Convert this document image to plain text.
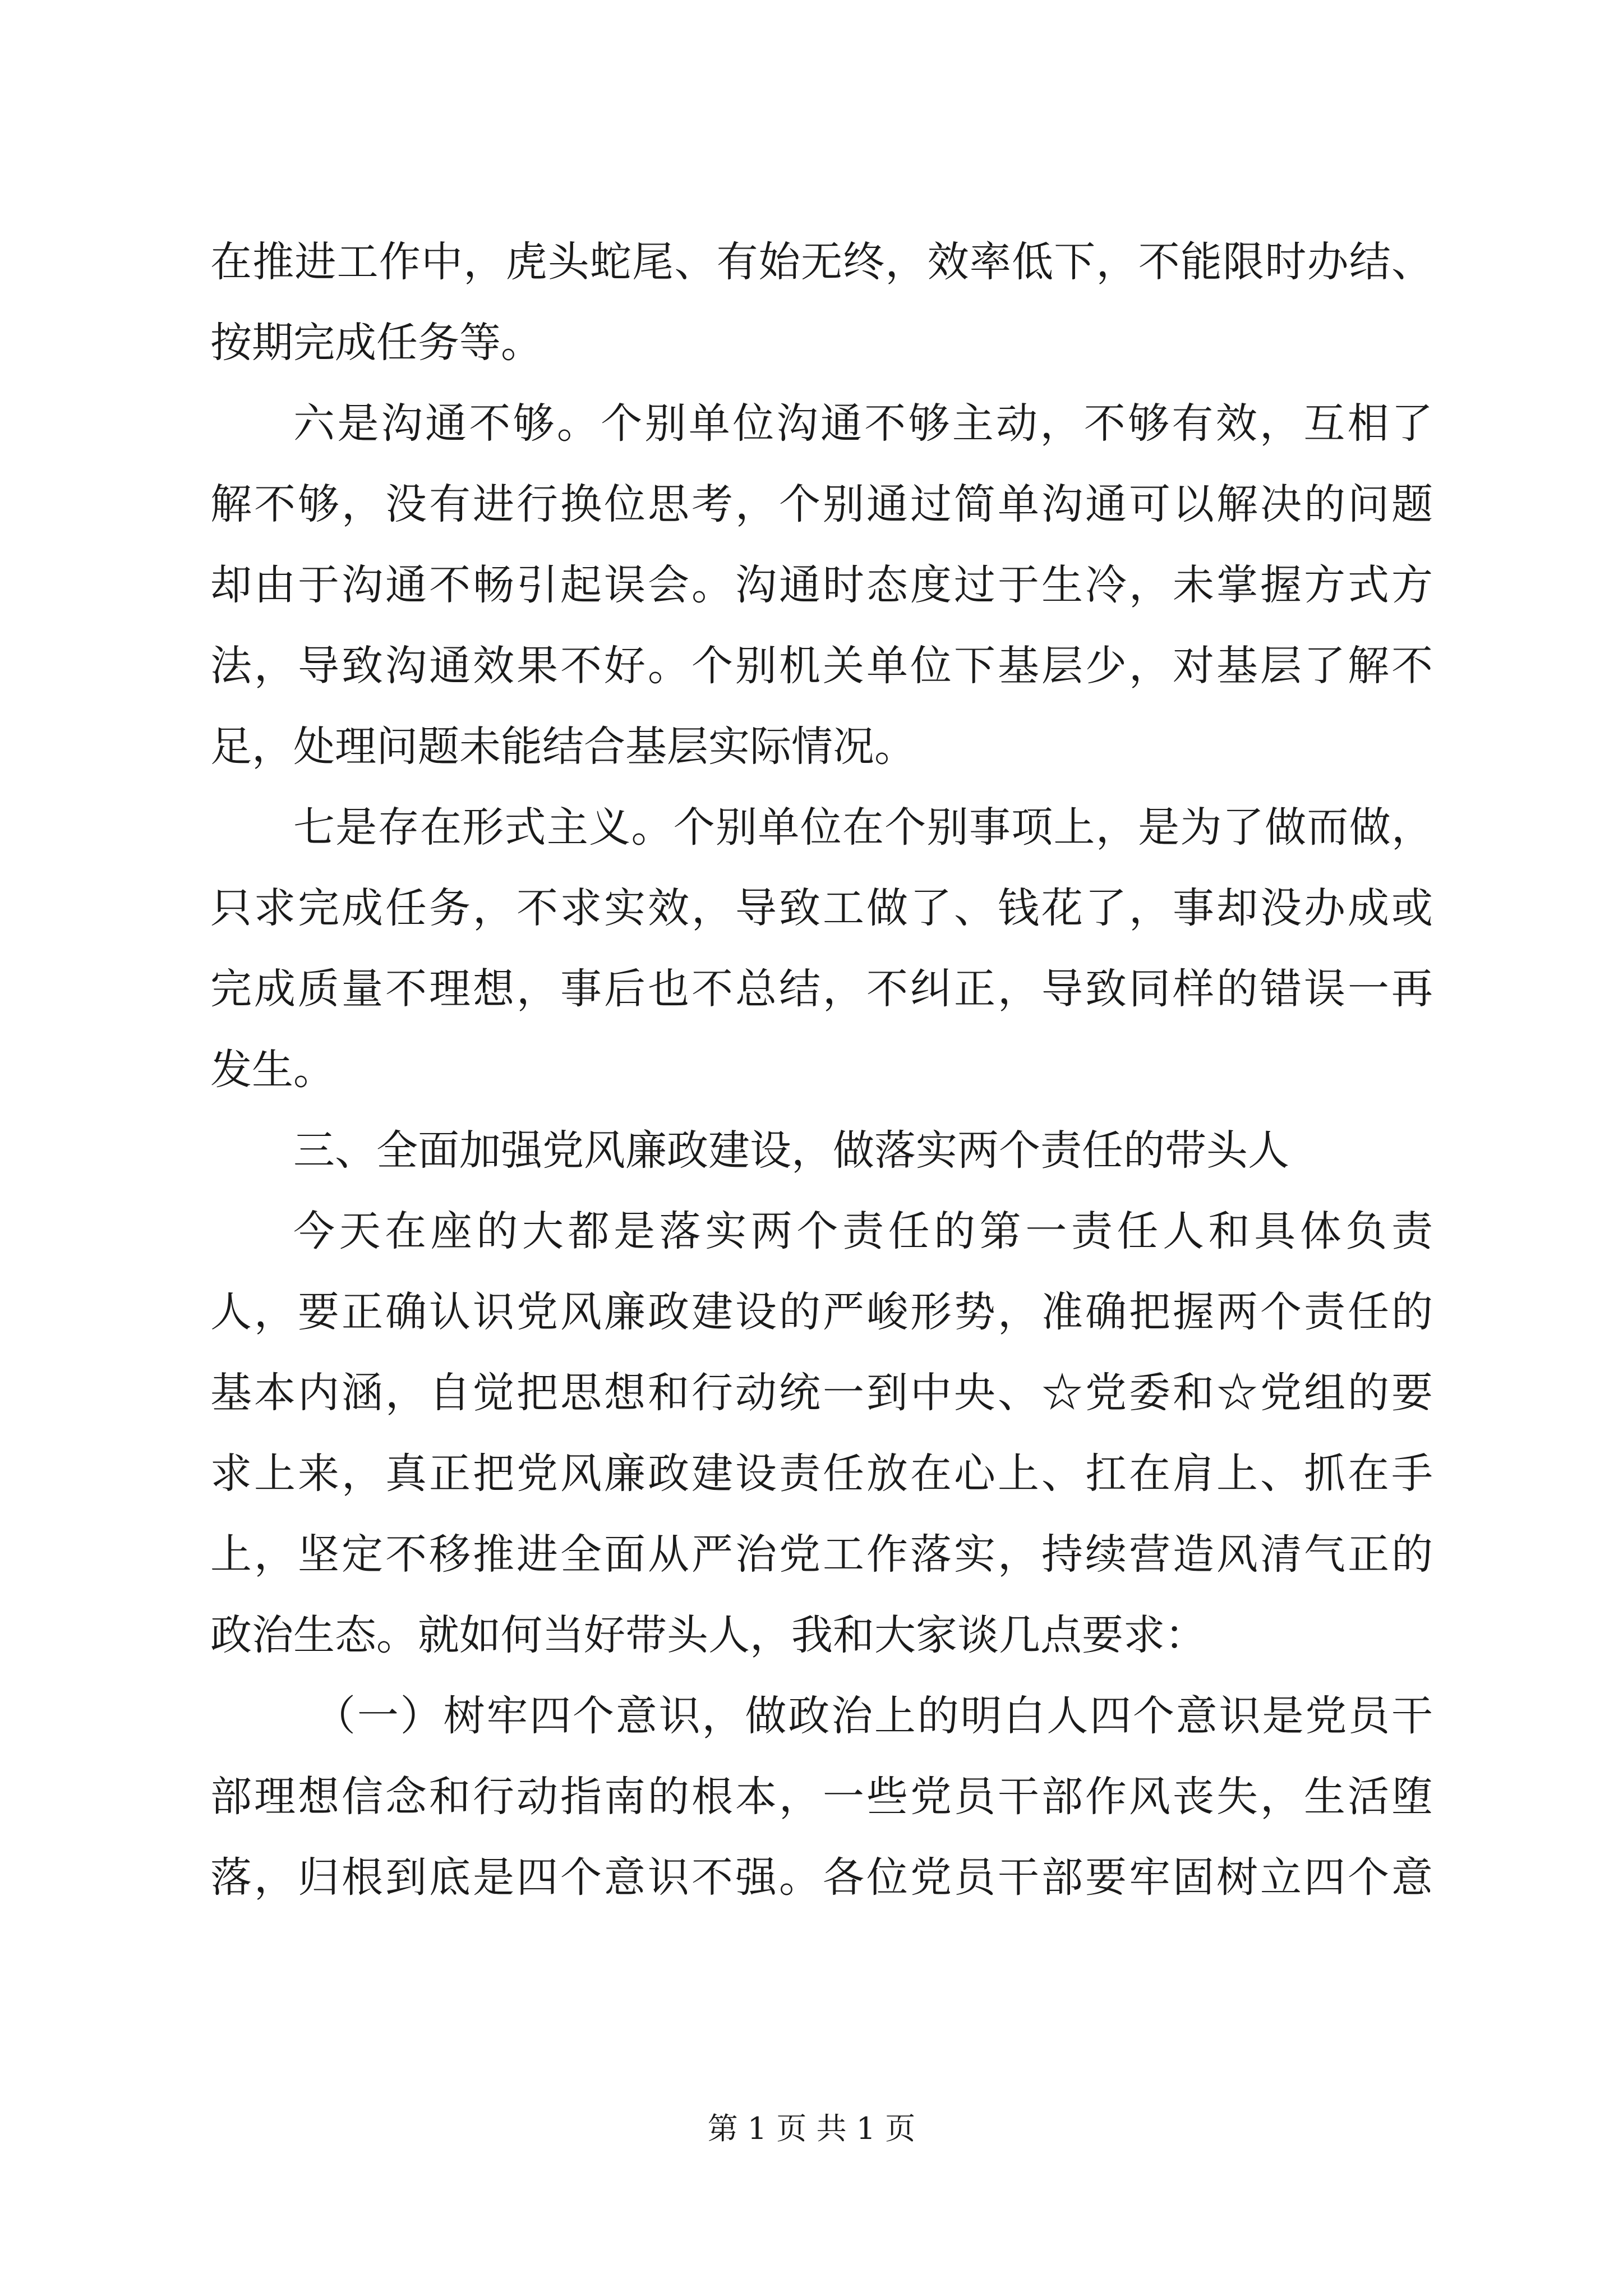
在推进工作中，虎头蛇尾、有始无终，效率低下，不能限时办结、
按期完成任务等。
六是沟通不够。个别单位沟通不够主动，不够有效，互相了
解不够，没有进行换位思考，个别通过简单沟通可以解决的问题
却由于沟通不畅引起误会。沟通时态度过于生冷，未掌握方式方
法，导致沟通效果不好。个别机关单位下基层少，对基层了解不
足，处理问题未能结合基层实际情况。
七是存在形式主义。个别单位在个别事项上，是为了做而做，
只求完成任务，不求实效，导致工做了、钱花了，事却没办成或
完成质量不理想，事后也不总结，不纠正，导致同样的错误一再
发生。
三、全面加强党风廉政建设，做落实两个责任的带头人
今天在座的大都是落实两个责任的第一责任人和具体负责
人，要正确认识党风廉政建设的严峻形势，准确把握两个责任的
基本内涵，自觉把思想和行动统一到中央、☆党委和☆党组的要
求上来，真正把党风廉政建设责任放在心上、扛在肩上、抓在手
上，坚定不移推进全面从严治党工作落实，持续营造风清气正的
政治生态。就如何当好带头人，我和大家谈几点要求：
（一）树牢四个意识，做政治上的明白人四个意识是党员干
部理想信念和行动指南的根本，一些党员干部作风丧失，生活堕
落，归根到底是四个意识不强。各位党员干部要牢固树立四个意
第 1 页 共 1 页
